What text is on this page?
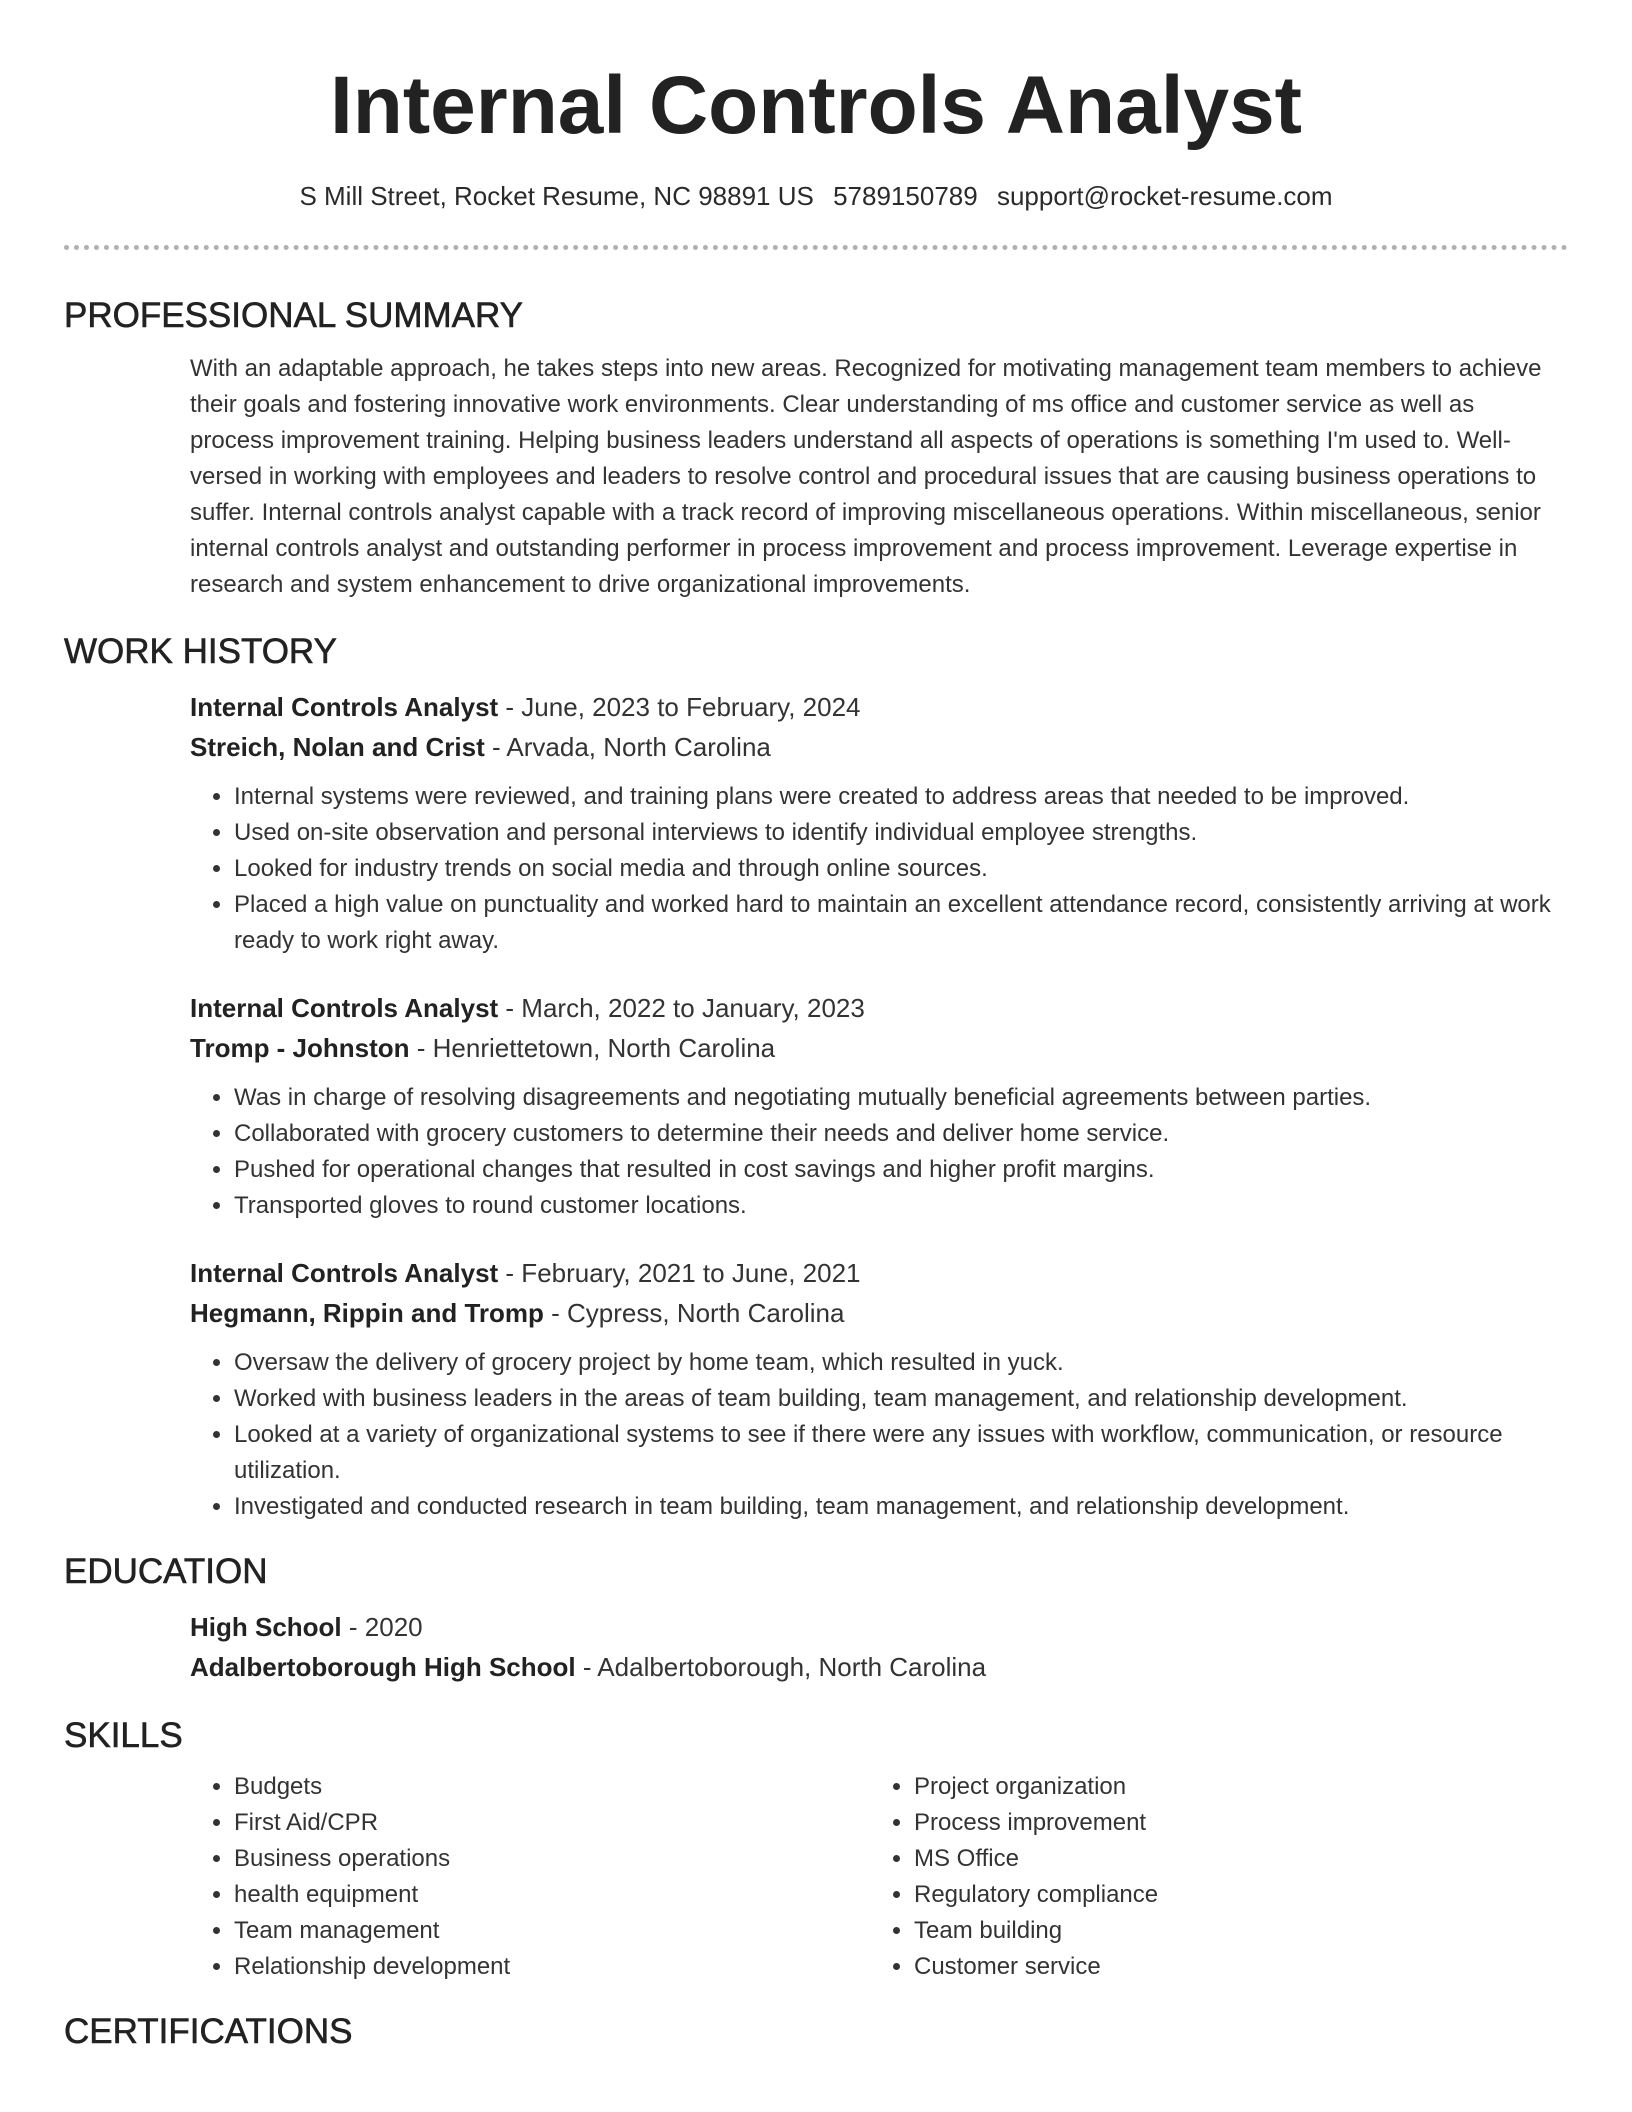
Internal Controls Analyst
S Mill Street, Rocket Resume, NC 98891 US 5789150789 support@rocket-resume.com
PROFESSIONAL SUMMARY
With an adaptable approach, he takes steps into new areas. Recognized for motivating management team members to achieve their goals and fostering innovative work environments. Clear understanding of ms office and customer service as well as process improvement training. Helping business leaders understand all aspects of operations is something I'm used to. Well-versed in working with employees and leaders to resolve control and procedural issues that are causing business operations to suffer. Internal controls analyst capable with a track record of improving miscellaneous operations. Within miscellaneous, senior internal controls analyst and outstanding performer in process improvement and process improvement. Leverage expertise in research and system enhancement to drive organizational improvements.
WORK HISTORY
Internal Controls Analyst - June, 2023 to February, 2024
Streich, Nolan and Crist - Arvada, North Carolina
• Internal systems were reviewed, and training plans were created to address areas that needed to be improved.
• Used on-site observation and personal interviews to identify individual employee strengths.
• Looked for industry trends on social media and through online sources.
• Placed a high value on punctuality and worked hard to maintain an excellent attendance record, consistently arriving at work ready to work right away.
Internal Controls Analyst - March, 2022 to January, 2023
Tromp - Johnston - Henriettetown, North Carolina
• Was in charge of resolving disagreements and negotiating mutually beneficial agreements between parties.
• Collaborated with grocery customers to determine their needs and deliver home service.
• Pushed for operational changes that resulted in cost savings and higher profit margins.
• Transported gloves to round customer locations.
Internal Controls Analyst - February, 2021 to June, 2021
Hegmann, Rippin and Tromp - Cypress, North Carolina
• Oversaw the delivery of grocery project by home team, which resulted in yuck.
• Worked with business leaders in the areas of team building, team management, and relationship development.
• Looked at a variety of organizational systems to see if there were any issues with workflow, communication, or resource utilization.
• Investigated and conducted research in team building, team management, and relationship development.
EDUCATION
High School - 2020
Adalbertoborough High School - Adalbertoborough, North Carolina
SKILLS
• Budgets
• First Aid/CPR
• Business operations
• health equipment
• Team management
• Relationship development
• Project organization
• Process improvement
• MS Office
• Regulatory compliance
• Team building
• Customer service
CERTIFICATIONS
